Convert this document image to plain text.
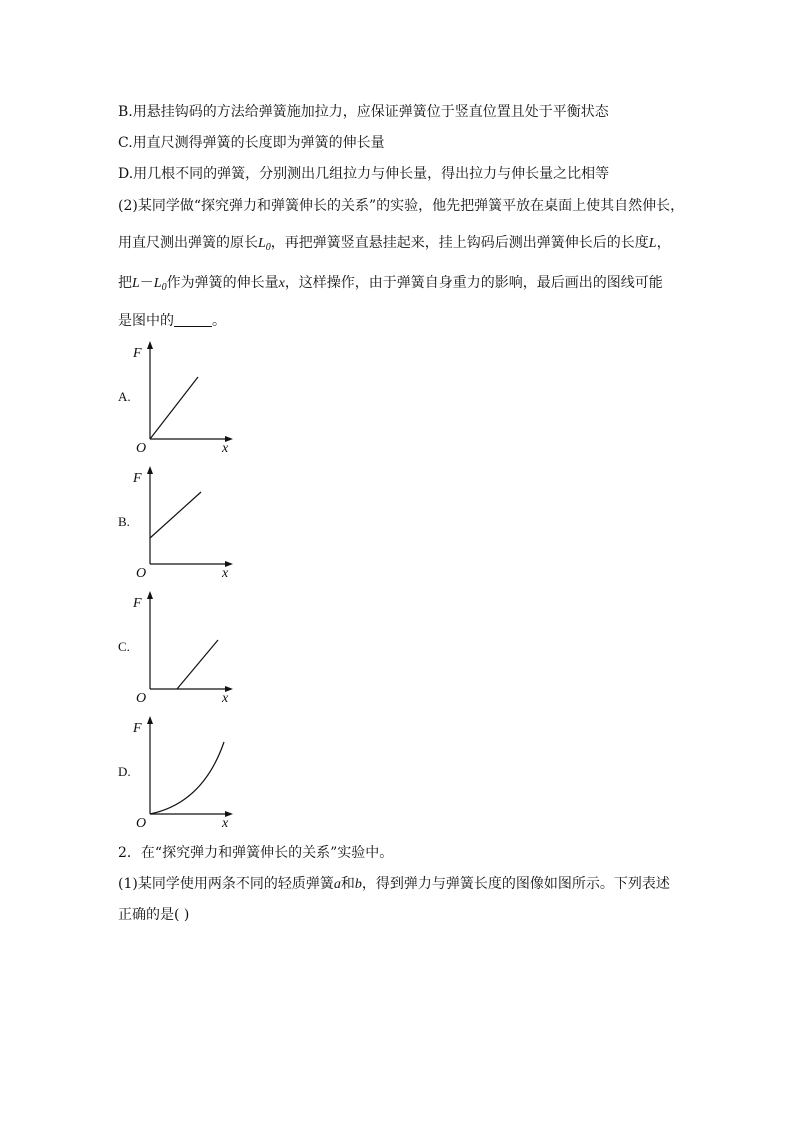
B.用悬挂钩码的方法给弹簧施加拉力，应保证弹簧位于竖直位置且处于平衡状态
C.用直尺测得弹簧的长度即为弹簧的伸长量
D.用几根不同的弹簧，分别测出几组拉力与伸长量，得出拉力与伸长量之比相等
(2)某同学做“探究弹力和弹簧伸长的关系”的实验，他先把弹簧平放在桌面上使其自然伸长，
用直尺测出弹簧的原长$L_0$，再把弹簧竖直悬挂起来，挂上钩码后测出弹簧伸长后的长度L，
把$L-L_0$作为弹簧的伸长量x，这样操作，由于弹簧自身重力的影响，最后画出的图线可能
是图中的	。
A.
F
O	x
B.
F
O	x
C.
F
O	x
D.
F
O	x
2．在“探究弹力和弹簧伸长的关系”实验中。
(1)某同学使用两条不同的轻质弹簧a和b，得到弹力与弹簧长度的图像如图所示。下列表述
正确的是( )
